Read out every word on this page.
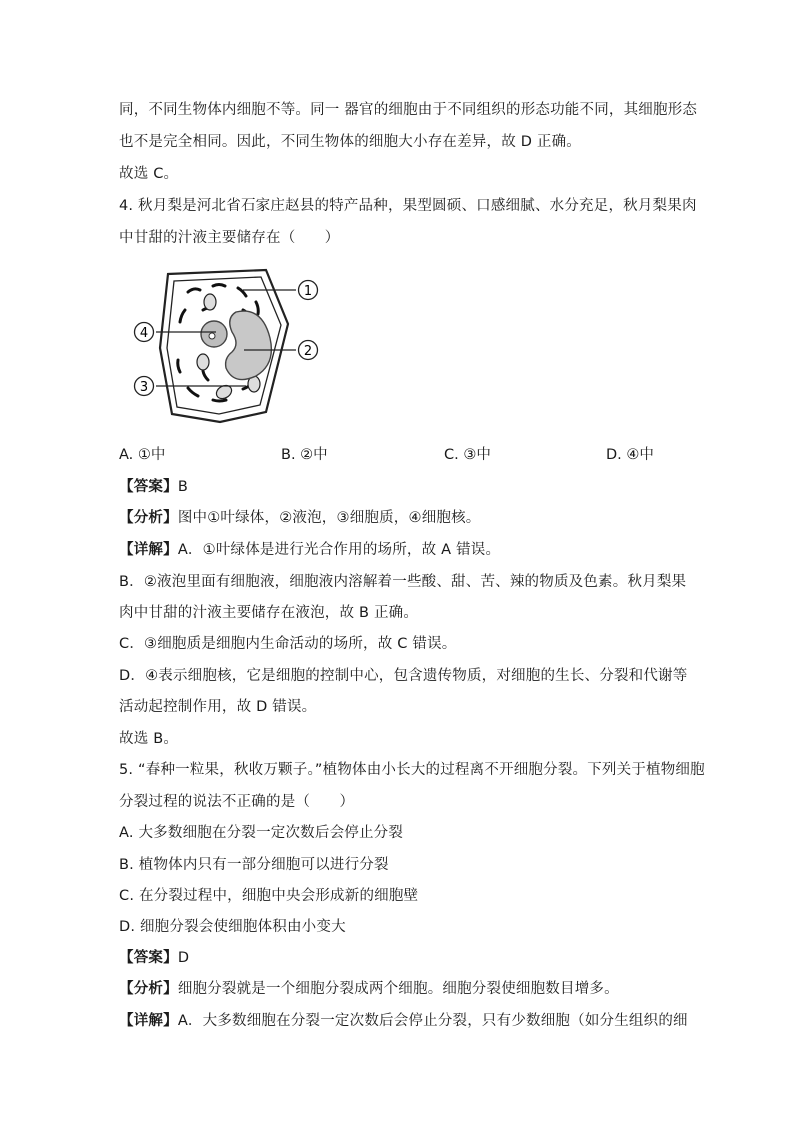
同，不同生物体内细胞不等。同一 器官的细胞由于不同组织的形态功能不同，其细胞形态
也不是完全相同。因此，不同生物体的细胞大小存在差异，故 D 正确。
故选 C。
4. 秋月梨是河北省石家庄赵县的特产品种，果型圆硕、口感细腻、水分充足，秋月梨果肉
中甘甜的汁液主要储存在（　　）
1
2
4
3
A. ①中	B. ②中	C. ③中	D. ④中
【答案】B
【分析】图中①叶绿体，②液泡，③细胞质，④细胞核。
【详解】A．①叶绿体是进行光合作用的场所，故 A 错误。
B．②液泡里面有细胞液，细胞液内溶解着一些酸、甜、苦、辣的物质及色素。秋月梨果
肉中甘甜的汁液主要储存在液泡，故 B 正确。
C．③细胞质是细胞内生命活动的场所，故 C 错误。
D．④表示细胞核，它是细胞的控制中心，包含遗传物质，对细胞的生长、分裂和代谢等
活动起控制作用，故 D 错误。
故选 B。
5. “春种一粒果，秋收万颗子。”植物体由小长大的过程离不开细胞分裂。下列关于植物细胞
分裂过程的说法不正确的是（　　）
A. 大多数细胞在分裂一定次数后会停止分裂
B. 植物体内只有一部分细胞可以进行分裂
C. 在分裂过程中，细胞中央会形成新的细胞壁
D. 细胞分裂会使细胞体积由小变大
【答案】D
【分析】细胞分裂就是一个细胞分裂成两个细胞。细胞分裂使细胞数目增多。
【详解】A．大多数细胞在分裂一定次数后会停止分裂，只有少数细胞（如分生组织的细
